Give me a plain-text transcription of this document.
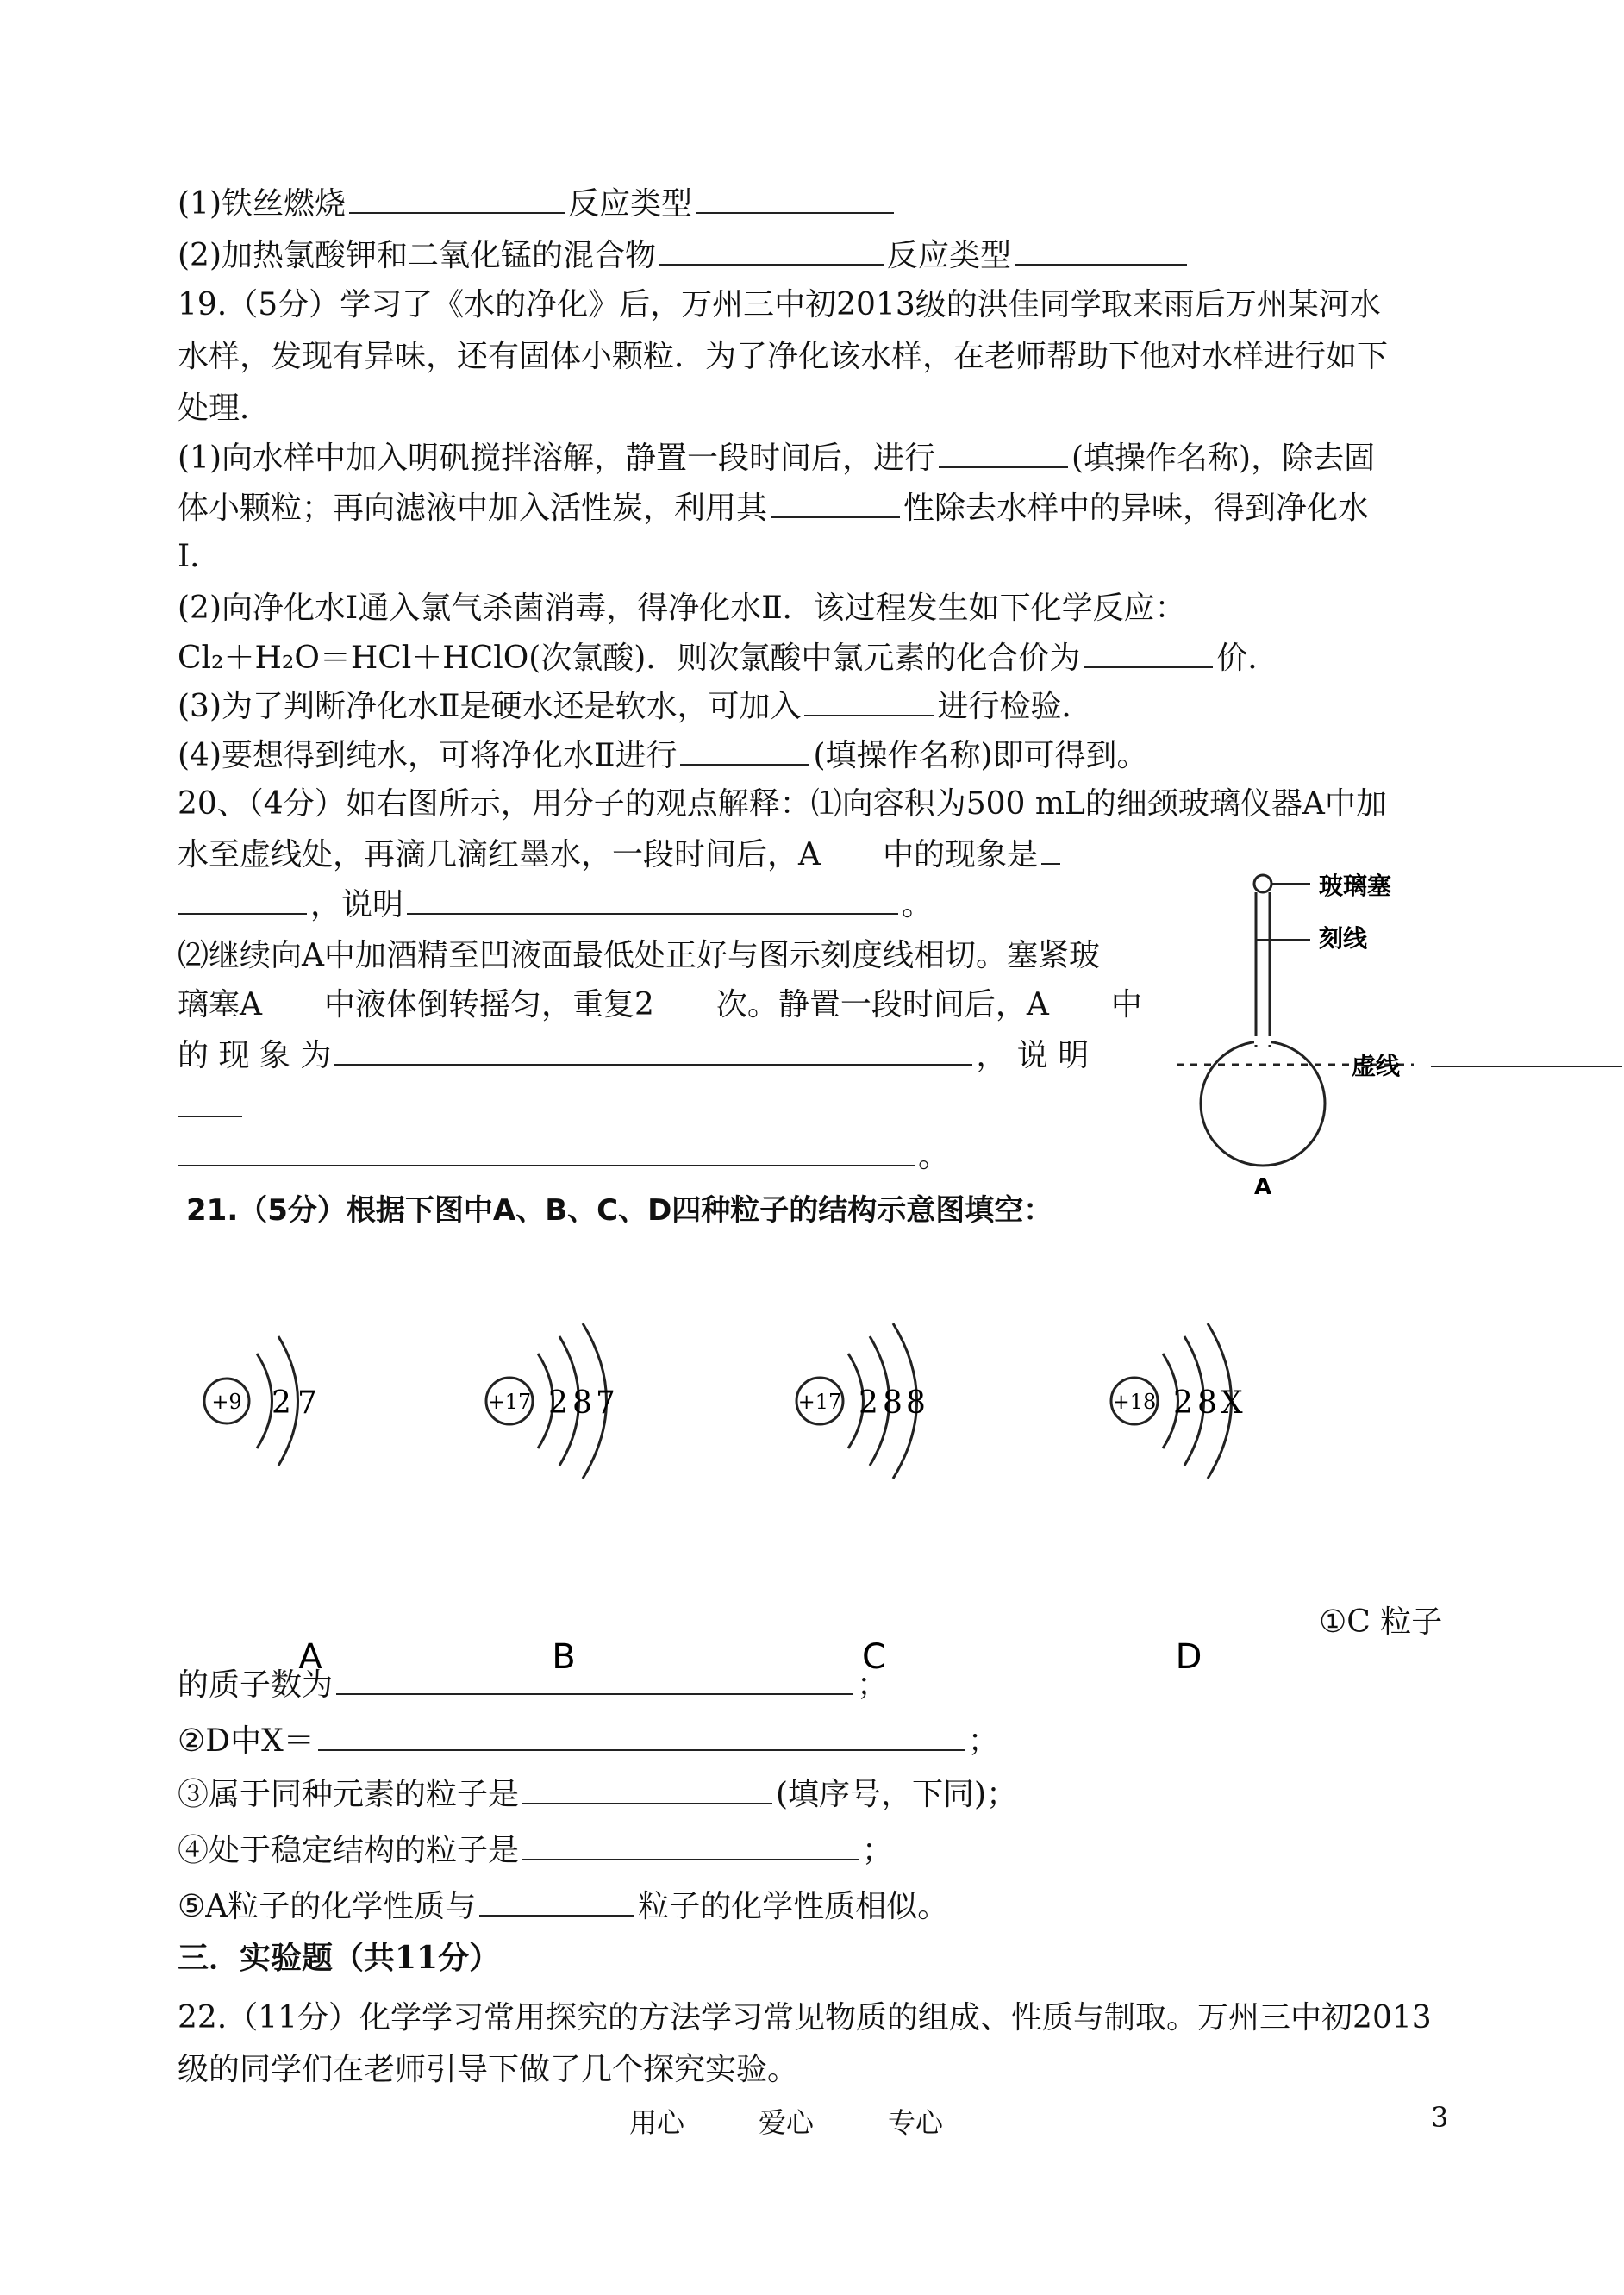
(1)铁丝燃烧	反应类型
(2)加热氯酸钾和二氧化锰的混合物	反应类型
19.（5分）学习了《水的净化》后，万州三中初2013级的洪佳同学取来雨后万州某河水
水样，发现有异味，还有固体小颗粒．为了净化该水样，在老师帮助下他对水样进行如下
处理．
(1)向水样中加入明矾搅拌溶解，静置一段时间后，进行	(填操作名称)，除去固
体小颗粒；再向滤液中加入活性炭，利用其	性除去水样中的异味，得到净化水
Ⅰ．
(2)向净化水Ⅰ通入氯气杀菌消毒，得净化水Ⅱ．该过程发生如下化学反应：
Cl₂＋H₂O＝HCl＋HClO(次氯酸)．则次氯酸中氯元素的化合价为	价．
(3)为了判断净化水Ⅱ是硬水还是软水，可加入	进行检验．
(4)要想得到纯水，可将净化水Ⅱ进行	(填操作名称)即可得到。
20、（4分）如右图所示，用分子的观点解释：⑴向容积为500 mL的细颈玻璃仪器A中加
水至虚线处，再滴几滴红墨水，一段时间后，A　　中的现象是
，说明	。
⑵继续向A中加酒精至凹液面最低处正好与图示刻度线相切。塞紧玻
璃塞A　　中液体倒转摇匀，重复2　　次。静置一段时间后，A　　中
的 现 象 为	， 说 明
。
玻璃塞
刻线
虚线
A
21.（5分）根据下图中A、B、C、D四种粒子的结构示意图填空：
+9 2 7
A
+17 2 8 7
B
+17 2 8 8
C
+18 2 8 X
D
①C 粒子
的质子数为	；
②D中X＝	；
③属于同种元素的粒子是	(填序号，下同)；
④处于稳定结构的粒子是	；
⑤A粒子的化学性质与	粒子的化学性质相似。
三．实验题（共11分）
22.（11分）化学学习常用探究的方法学习常见物质的组成、性质与制取。万州三中初2013
级的同学们在老师引导下做了几个探究实验。
用心	爱心	专心	3
